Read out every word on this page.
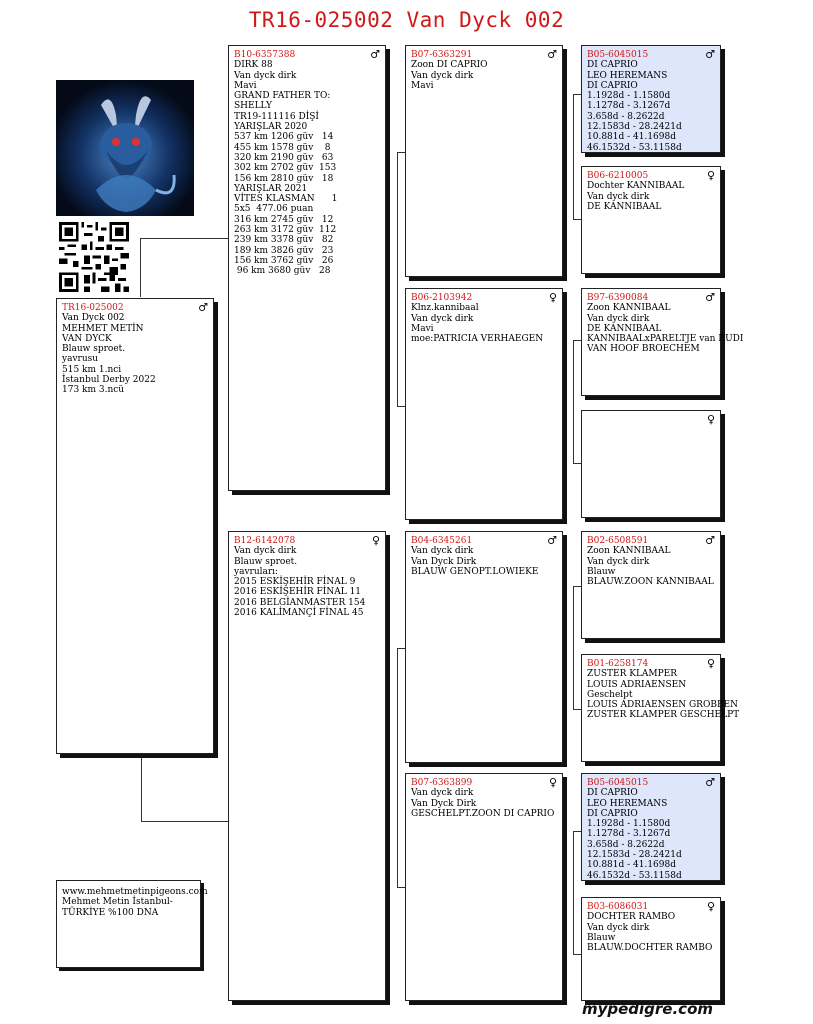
TR16-025002 Van Dyck 002
♂
TR16-025002
Van Dyck 002
MEHMET METİN
VAN DYCK
Blauw sproet.
yavrusu
515 km 1.nci
İstanbul Derby 2022
173 km 3.ncü
♂
B10-6357388
DIRK 88
Van dyck dirk
Mavi
GRAND FATHER TO:
SHELLY
TR19-111116 DİŞİ
YARIŞLAR 2020
537 km 1206 güv   14
455 km 1578 güv    8
320 km 2190 güv   63
302 km 2702 güv  153
156 km 2810 güv   18
YARIŞLAR 2021
VİTES KLASMAN      1
5x5  477.06 puan
316 km 2745 güv   12
263 km 3172 güv  112
239 km 3378 güv   82
189 km 3826 güv   23
156 km 3762 güv   26
96 km 3680 güv   28
♀
B12-6142078
Van dyck dirk
Blauw sproet.
yavruları:
2015 ESKİŞEHİR FİNAL 9
2016 ESKİŞEHİR FİNAL 11
2016 BELGİANMASTER 154
2016 KALİMANÇİ FİNAL 45
♂
B07-6363291
Zoon DI CAPRIO
Van dyck dirk
Mavi
♀
B06-2103942
Klnz.kannibaal
Van dyck dirk
Mavi
moe:PATRICIA VERHAEGEN
♂
B04-6345261
Van dyck dirk
Van Dyck Dirk
BLAUW GENOPT.LOWIEKE
♀
B07-6363899
Van dyck dirk
Van Dyck Dirk
GESCHELPT.ZOON DI CAPRIO
♂
B05-6045015
DI CAPRIO
LEO HEREMANS
DI CAPRIO
1.1928d - 1.1580d
1.1278d - 3.1267d
3.658d - 8.2622d
12.1583d - 28.2421d
10.881d - 41.1698d
46.1532d - 53.1158d
♀
B06-6210005
Dochter KANNIBAAL
Van dyck dirk
DE KANNIBAAL
♂
B97-6390084
Zoon KANNIBAAL
Van dyck dirk
DE KANNIBAAL
KANNIBAALxPARELTJE van RUDI
VAN HOOF BROECHEM
♀

♂
B02-6508591
Zoon KANNIBAAL
Van dyck dirk
Blauw
BLAUW.ZOON KANNIBAAL
♀
B01-6258174
ZUSTER KLAMPER
LOUIS ADRIAENSEN
Geschelpt
LOUIS ADRIAENSEN GROBBEN
ZUSTER KLAMPER GESCHELPT
♂
B05-6045015
DI CAPRIO
LEO HEREMANS
DI CAPRIO
1.1928d - 1.1580d
1.1278d - 3.1267d
3.658d - 8.2622d
12.1583d - 28.2421d
10.881d - 41.1698d
46.1532d - 53.1158d
♀
B03-6086031
DOCHTER RAMBO
Van dyck dirk
Blauw
BLAUW.DOCHTER RAMBO
www.mehmetmetinpigeons.com Mehmet Metin İstanbul-TÜRKİYE %100 DNA
mypedigre.com
